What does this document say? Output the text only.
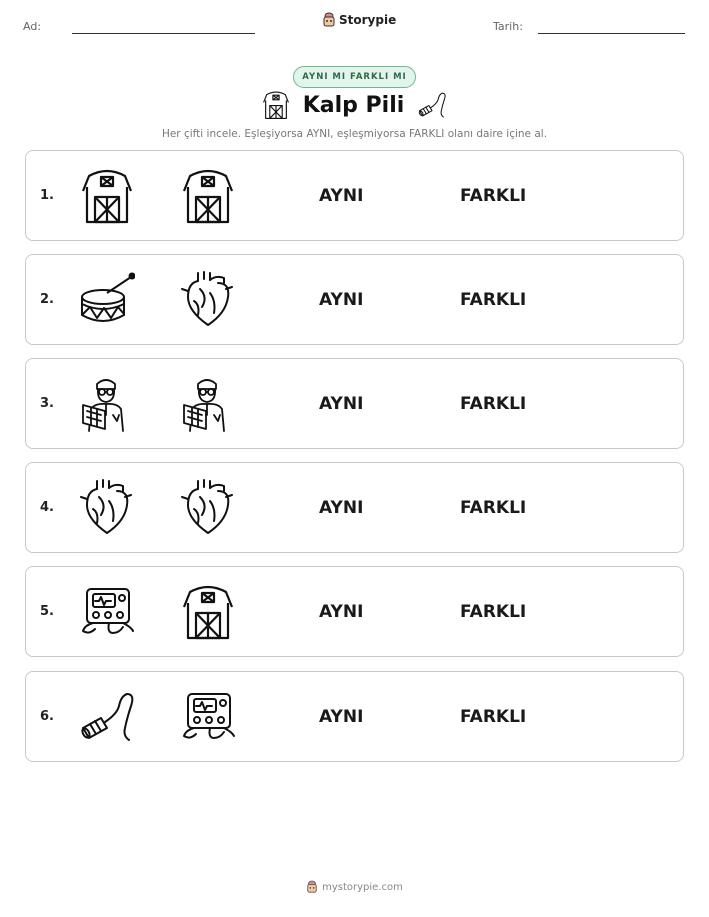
Ad:	Storypie	Tarih:
AYNI MI FARKLI MI
Kalp Pili
Her çifti incele. Eşleşiyorsa AYNI, eşleşmiyorsa FARKLI olanı daire içine al.
1.	AYNI	FARKLI
2.	AYNI	FARKLI
3.	AYNI	FARKLI
4.	AYNI	FARKLI
5.	AYNI	FARKLI
6.	AYNI	FARKLI
mystorypie.com
